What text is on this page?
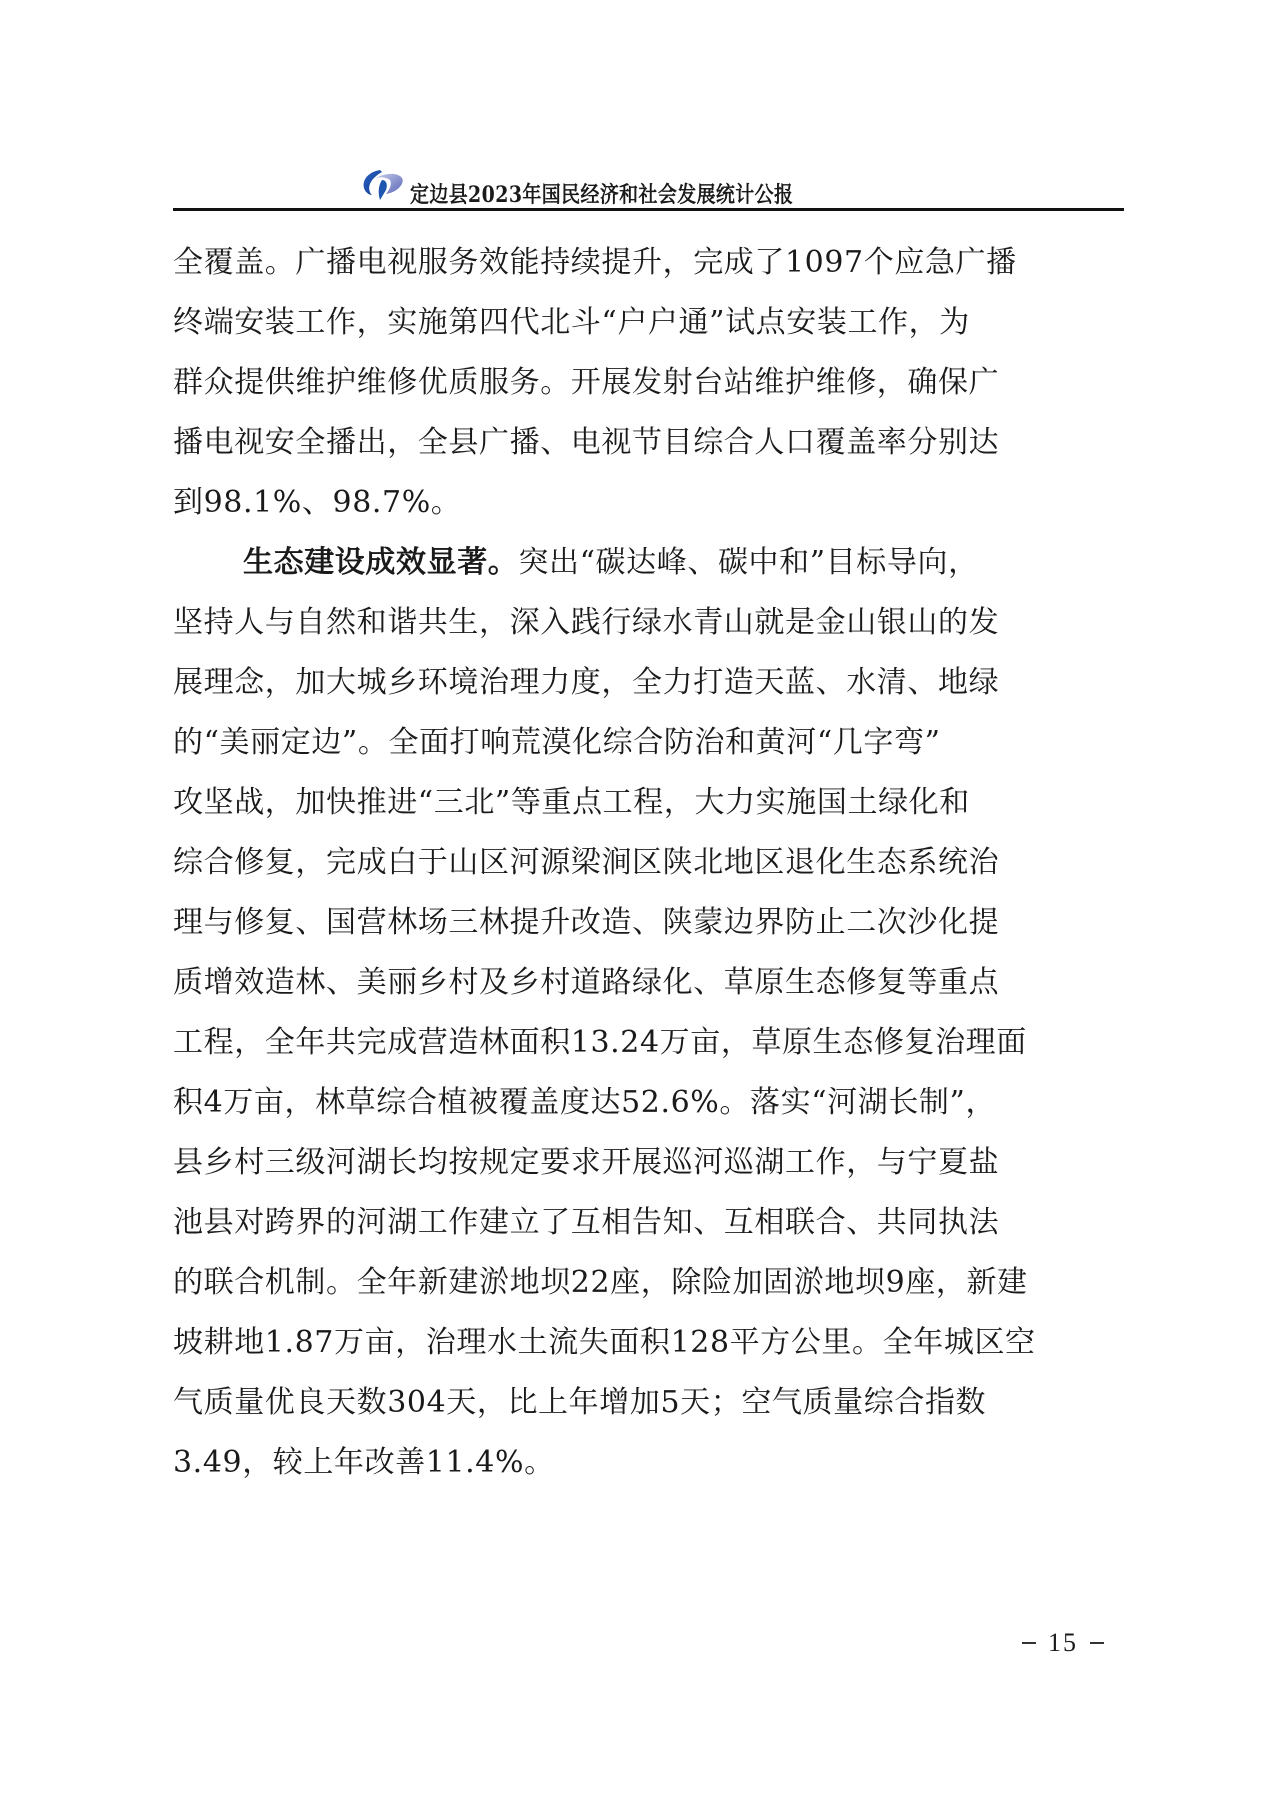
定边县2023年国民经济和社会发展统计公报
全覆盖。广播电视服务效能持续提升，完成了1097个应急广播
终端安装工作，实施第四代北斗“户户通”试点安装工作，为
群众提供维护维修优质服务。开展发射台站维护维修，确保广
播电视安全播出，全县广播、电视节目综合人口覆盖率分别达
到98.1%、98.7%。
生态建设成效显著。突出“碳达峰、碳中和”目标导向，
坚持人与自然和谐共生，深入践行绿水青山就是金山银山的发
展理念，加大城乡环境治理力度，全力打造天蓝、水清、地绿
的“美丽定边”。全面打响荒漠化综合防治和黄河“几字弯”
攻坚战，加快推进“三北”等重点工程，大力实施国土绿化和
综合修复，完成白于山区河源梁涧区陕北地区退化生态系统治
理与修复、国营林场三林提升改造、陕蒙边界防止二次沙化提
质增效造林、美丽乡村及乡村道路绿化、草原生态修复等重点
工程，全年共完成营造林面积13.24万亩，草原生态修复治理面
积4万亩，林草综合植被覆盖度达52.6%。落实“河湖长制”，
县乡村三级河湖长均按规定要求开展巡河巡湖工作，与宁夏盐
池县对跨界的河湖工作建立了互相告知、互相联合、共同执法
的联合机制。全年新建淤地坝22座，除险加固淤地坝9座，新建
坡耕地1.87万亩，治理水土流失面积128平方公里。全年城区空
气质量优良天数304天，比上年增加5天；空气质量综合指数
3.49，较上年改善11.4%。
15
